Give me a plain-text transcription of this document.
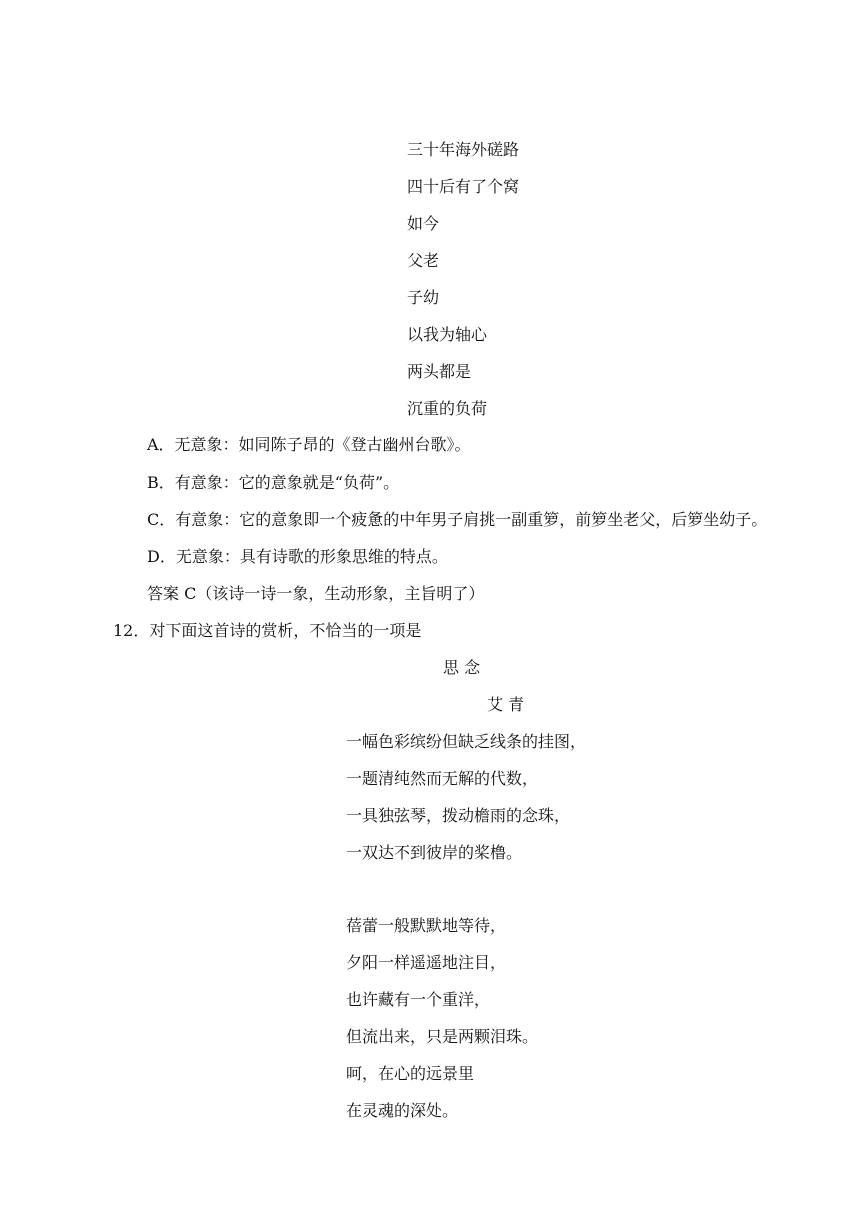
三十年海外磋路
四十后有了个窝
如今
父老
子幼
以我为轴心
两头都是
沉重的负荷
A．无意象：如同陈子昂的《登古幽州台歌》。
B．有意象：它的意象就是“负荷”。
C．有意象：它的意象即一个疲惫的中年男子肩挑一副重箩，前箩坐老父，后箩坐幼子。
D．无意象：具有诗歌的形象思维的特点。
答案 C（该诗一诗一象，生动形象，主旨明了）
12．对下面这首诗的赏析，不恰当的一项是
思 念
艾 青
一幅色彩缤纷但缺乏线条的挂图，
一题清纯然而无解的代数，
一具独弦琴，拨动檐雨的念珠，
一双达不到彼岸的桨橹。
蓓蕾一般默默地等待，
夕阳一样遥遥地注目，
也许藏有一个重洋，
但流出来，只是两颗泪珠。
呵，在心的远景里
在灵魂的深处。
